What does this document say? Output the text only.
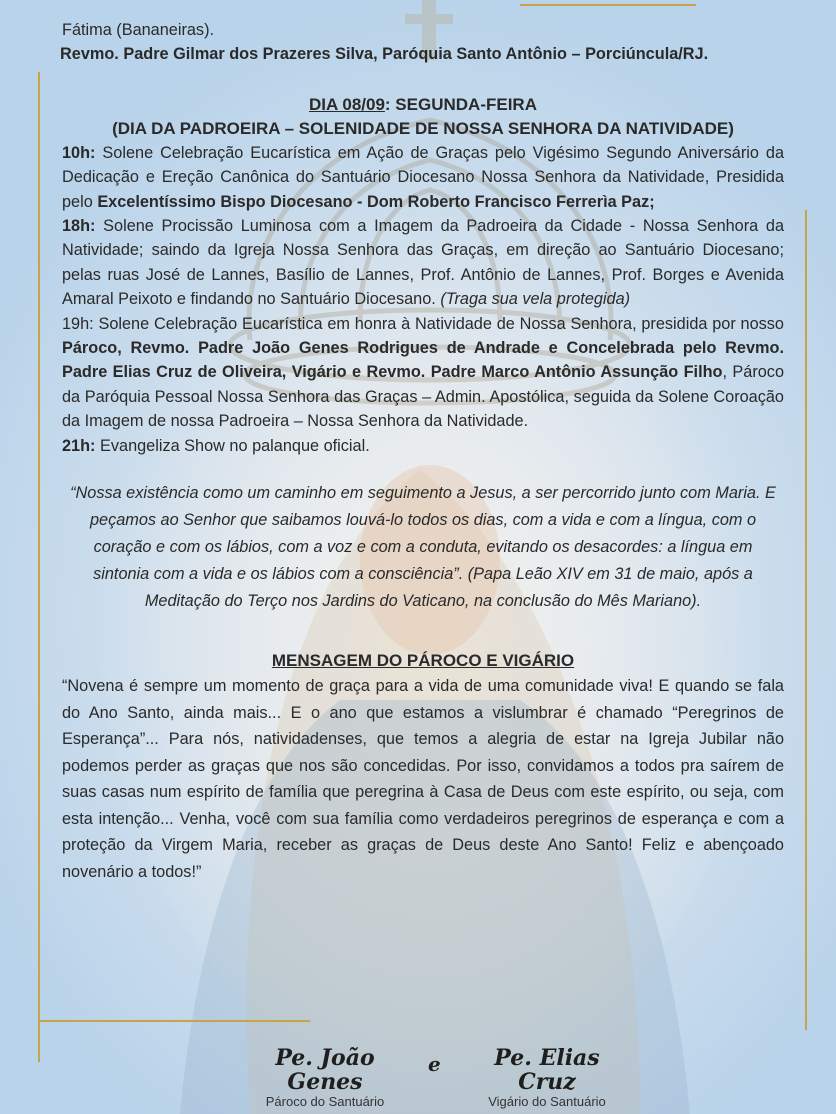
Fátima (Bananeiras).

Revmo. Padre Gilmar dos Prazeres Silva, Paróquia Santo Antônio – Porciúncula/RJ.

DIA 08/09: SEGUNDA-FEIRA

(DIA DA PADROEIRA – SOLENIDADE DE NOSSA SENHORA DA NATIVIDADE)

10h: Solene Celebração Eucarística em Ação de Graças pelo Vigésimo Segundo Aniversário da Dedicação e Ereção Canônica do Santuário Diocesano Nossa Senhora da Natividade, Presidida pelo Excelentíssimo Bispo Diocesano - Dom Roberto Francisco Ferrerìa Paz;

18h: Solene Procissão Luminosa com a Imagem da Padroeira da Cidade - Nossa Senhora da Natividade; saindo da Igreja Nossa Senhora das Graças, em direção ao Santuário Diocesano; pelas ruas José de Lannes, Basílio de Lannes, Prof. Antônio de Lannes, Prof. Borges e Avenida Amaral Peixoto e findando no Santuário Diocesano. (Traga sua vela protegida)

19h: Solene Celebração Eucarística em honra à Natividade de Nossa Senhora, presidida por nosso Pároco, Revmo. Padre João Genes Rodrigues de Andrade e Concelebrada pelo Revmo. Padre Elias Cruz de Oliveira, Vigário e Revmo. Padre Marco Antônio Assunção Filho, Pároco da Paróquia Pessoal Nossa Senhora das Graças – Admin. Apostólica, seguida da Solene Coroação da Imagem de nossa Padroeira – Nossa Senhora da Natividade.

21h: Evangeliza Show no palanque oficial.

“Nossa existência como um caminho em seguimento a Jesus, a ser percorrido junto com Maria. E peçamos ao Senhor que saibamos louvá-lo todos os dias, com a vida e com a língua, com o coração e com os lábios, com a voz e com a conduta, evitando os desacordes: a língua em sintonia com a vida e os lábios com a consciência”. (Papa Leão XIV em 31 de maio, após a Meditação do Terço nos Jardins do Vaticano, na conclusão do Mês Mariano).

MENSAGEM DO PÁROCO E VIGÁRIO

“Novena é sempre um momento de graça para a vida de uma comunidade viva! E quando se fala do Ano Santo, ainda mais... E o ano que estamos a vislumbrar é chamado “Peregrinos de Esperança”... Para nós, natividadenses, que temos a alegria de estar na Igreja Jubilar não podemos perder as graças que nos são concedidas. Por isso, convidamos a todos pra saírem de suas casas num espírito de família que peregrina à Casa de Deus com este espírito, ou seja, com esta intenção... Venha, você com sua família como verdadeiros peregrinos de esperança e com a proteção da Virgem Maria, receber as graças de Deus deste Ano Santo! Feliz e abençoado novenário a todos!”

Pe. João Genes
Pároco do Santuário
e	Pe. Elias Cruz
Vigário do Santuário
